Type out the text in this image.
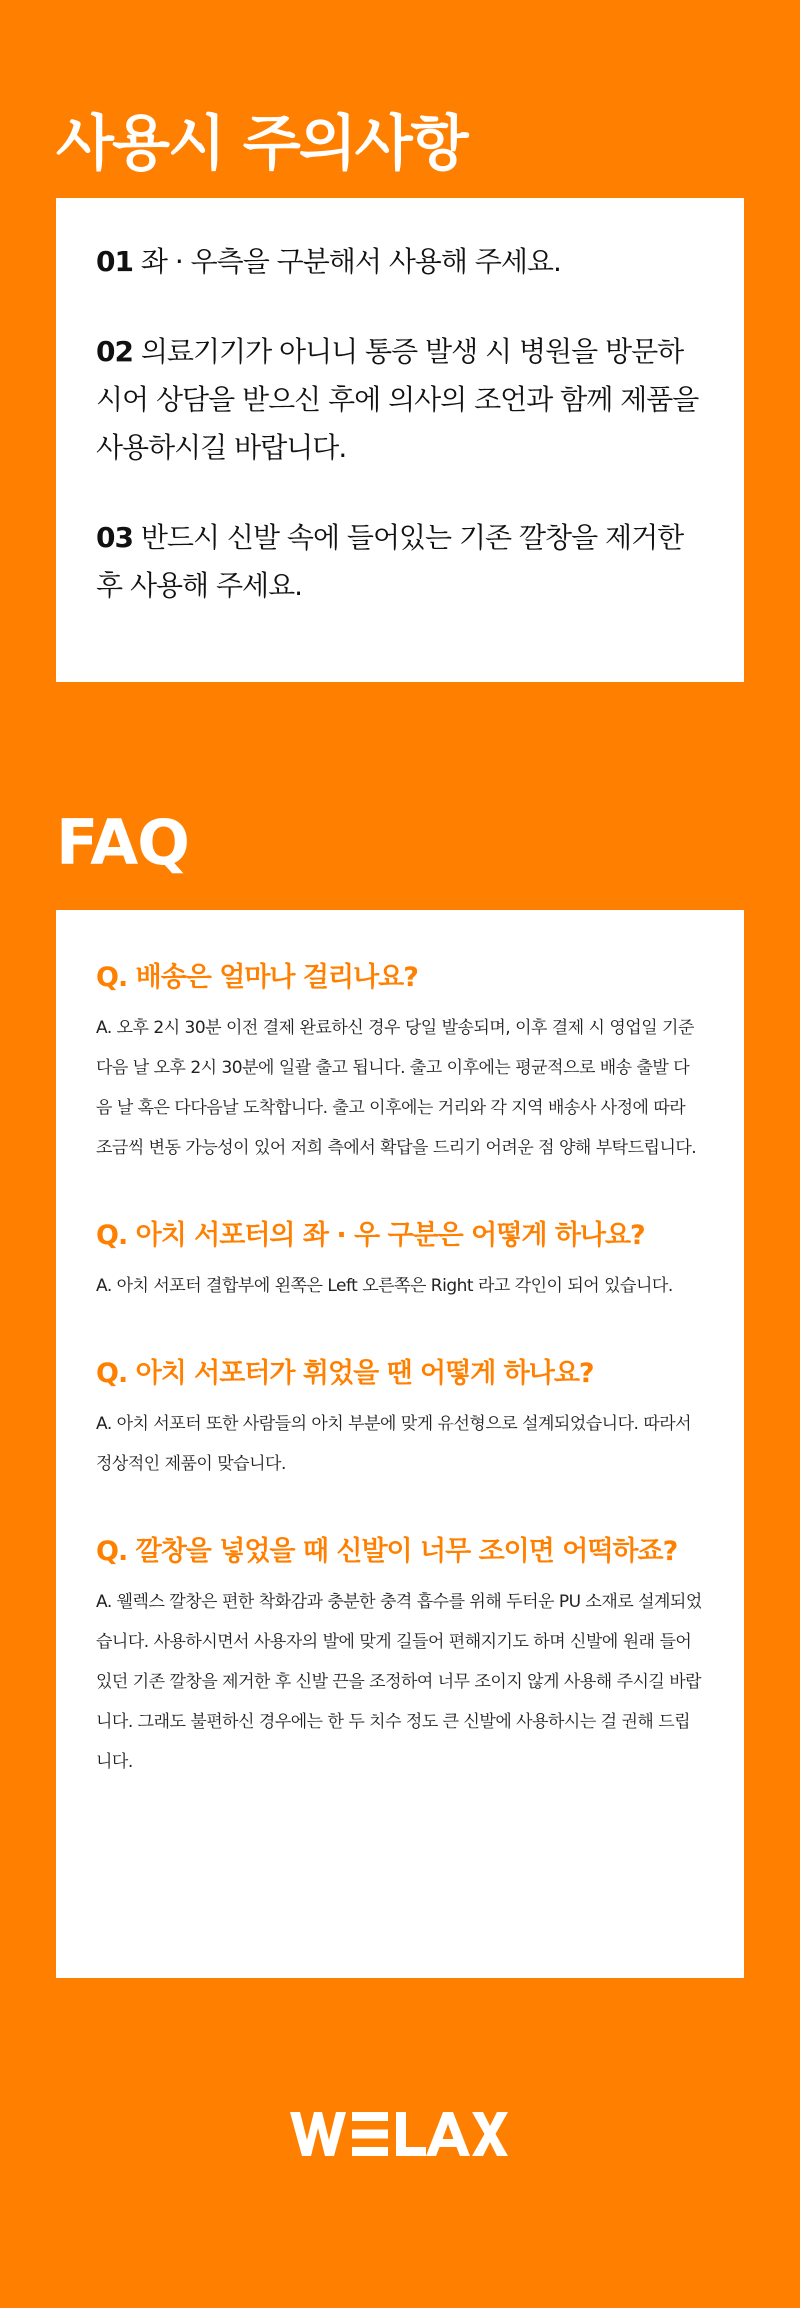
사용시 주의사항

01 좌 · 우측을 구분해서 사용해 주세요.

02 의료기기가 아니니 통증 발생 시 병원을 방문하시어 상담을 받으신 후에 의사의 조언과 함께 제품을 사용하시길 바랍니다.

03 반드시 신발 속에 들어있는 기존 깔창을 제거한 후 사용해 주세요.

FAQ

Q. 배송은 얼마나 걸리나요?

A. 오후 2시 30분 이전 결제 완료하신 경우 당일 발송되며, 이후 결제 시 영업일 기준 다음 날 오후 2시 30분에 일괄 출고 됩니다. 출고 이후에는 평균적으로 배송 출발 다음 날 혹은 다다음날 도착합니다. 출고 이후에는 거리와 각 지역 배송사 사정에 따라 조금씩 변동 가능성이 있어 저희 측에서 확답을 드리기 어려운 점 양해 부탁드립니다.

Q. 아치 서포터의 좌 · 우 구분은 어떻게 하나요?

A. 아치 서포터 결합부에 왼쪽은 Left 오른쪽은 Right 라고 각인이 되어 있습니다.

Q. 아치 서포터가 휘었을 땐 어떻게 하나요?

A. 아치 서포터 또한 사람들의 아치 부분에 맞게 유선형으로 설계되었습니다. 따라서 정상적인 제품이 맞습니다.

Q. 깔창을 넣었을 때 신발이 너무 조이면 어떡하죠?

A. 웰렉스 깔창은 편한 착화감과 충분한 충격 흡수를 위해 두터운 PU 소재로 설계되었습니다. 사용하시면서 사용자의 발에 맞게 길들어 편해지기도 하며 신발에 원래 들어있던 기존 깔창을 제거한 후 신발 끈을 조정하여 너무 조이지 않게 사용해 주시길 바랍니다. 그래도 불편하신 경우에는 한 두 치수 정도 큰 신발에 사용하시는 걸 권해 드립니다.
